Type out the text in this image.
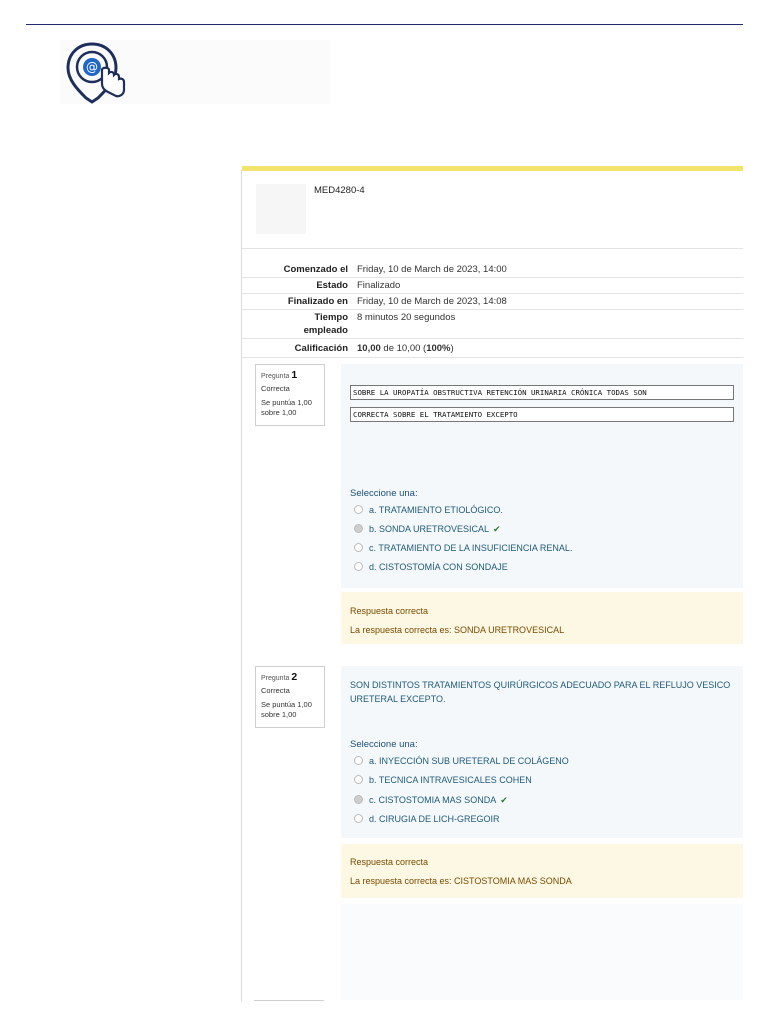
@
MED4280-4
Comenzado el Friday, 10 de March de 2023, 14:00
Estado Finalizado
Finalizado en Friday, 10 de March de 2023, 14:08
Tiempo
empleado
8 minutos 20 segundos
Calificación 10,00 de 10,00 (100%)
Pregunta 1
Correcta
Se puntúa 1,00 sobre 1,00
SOBRE LA UROPATÍA OBSTRUCTIVA RETENCIÓN URINARIA CRÓNICA TODAS SON
CORRECTA SOBRE EL TRATAMIENTO EXCEPTO
Seleccione una:
a. TRATAMIENTO ETIOLÓGICO.
b. SONDA URETROVESICAL ✔
c. TRATAMIENTO DE LA INSUFICIENCIA RENAL.
d. CISTOSTOMÍA CON SONDAJE
Respuesta correcta
La respuesta correcta es: SONDA URETROVESICAL
Pregunta 2
Correcta
Se puntúa 1,00 sobre 1,00
SON DISTINTOS TRATAMIENTOS QUIRÚRGICOS ADECUADO PARA EL REFLUJO VESICO URETERAL EXCEPTO.
Seleccione una:
a. INYECCIÓN SUB URETERAL DE COLÁGENO
b. TECNICA INTRAVESICALES COHEN
c. CISTOSTOMIA MAS SONDA ✔
d. CIRUGIA DE LICH-GREGOIR
Respuesta correcta
La respuesta correcta es: CISTOSTOMIA MAS SONDA
